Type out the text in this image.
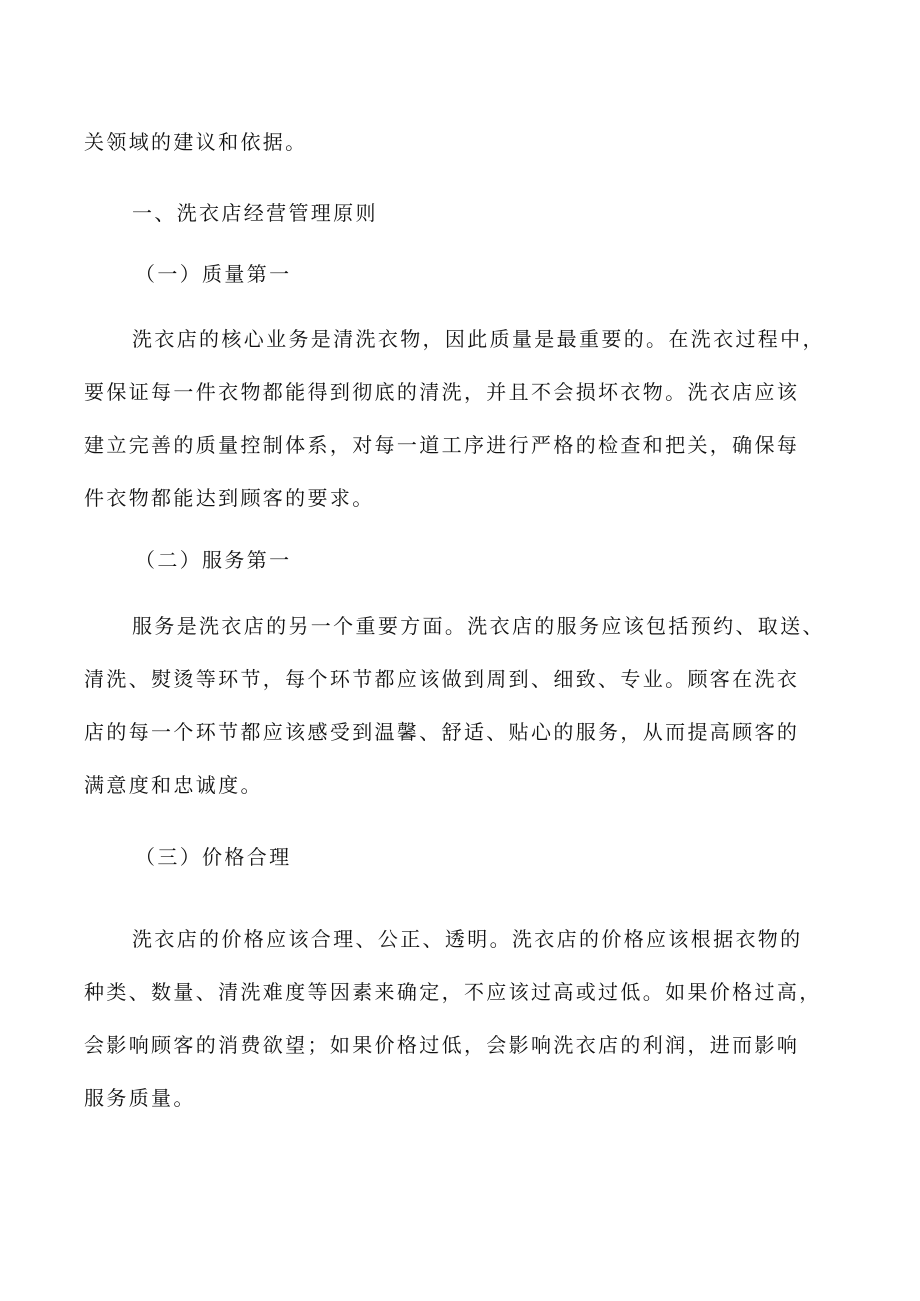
关领域的建议和依据。
一、洗衣店经营管理原则
（一）质量第一
洗衣店的核心业务是清洗衣物，因此质量是最重要的。在洗衣过程中，
要保证每一件衣物都能得到彻底的清洗，并且不会损坏衣物。洗衣店应该
建立完善的质量控制体系，对每一道工序进行严格的检查和把关，确保每
件衣物都能达到顾客的要求。
（二）服务第一
服务是洗衣店的另一个重要方面。洗衣店的服务应该包括预约、取送、
清洗、熨烫等环节，每个环节都应该做到周到、细致、专业。顾客在洗衣
店的每一个环节都应该感受到温馨、舒适、贴心的服务，从而提高顾客的
满意度和忠诚度。
（三）价格合理
洗衣店的价格应该合理、公正、透明。洗衣店的价格应该根据衣物的
种类、数量、清洗难度等因素来确定，不应该过高或过低。如果价格过高，
会影响顾客的消费欲望；如果价格过低，会影响洗衣店的利润，进而影响
服务质量。
